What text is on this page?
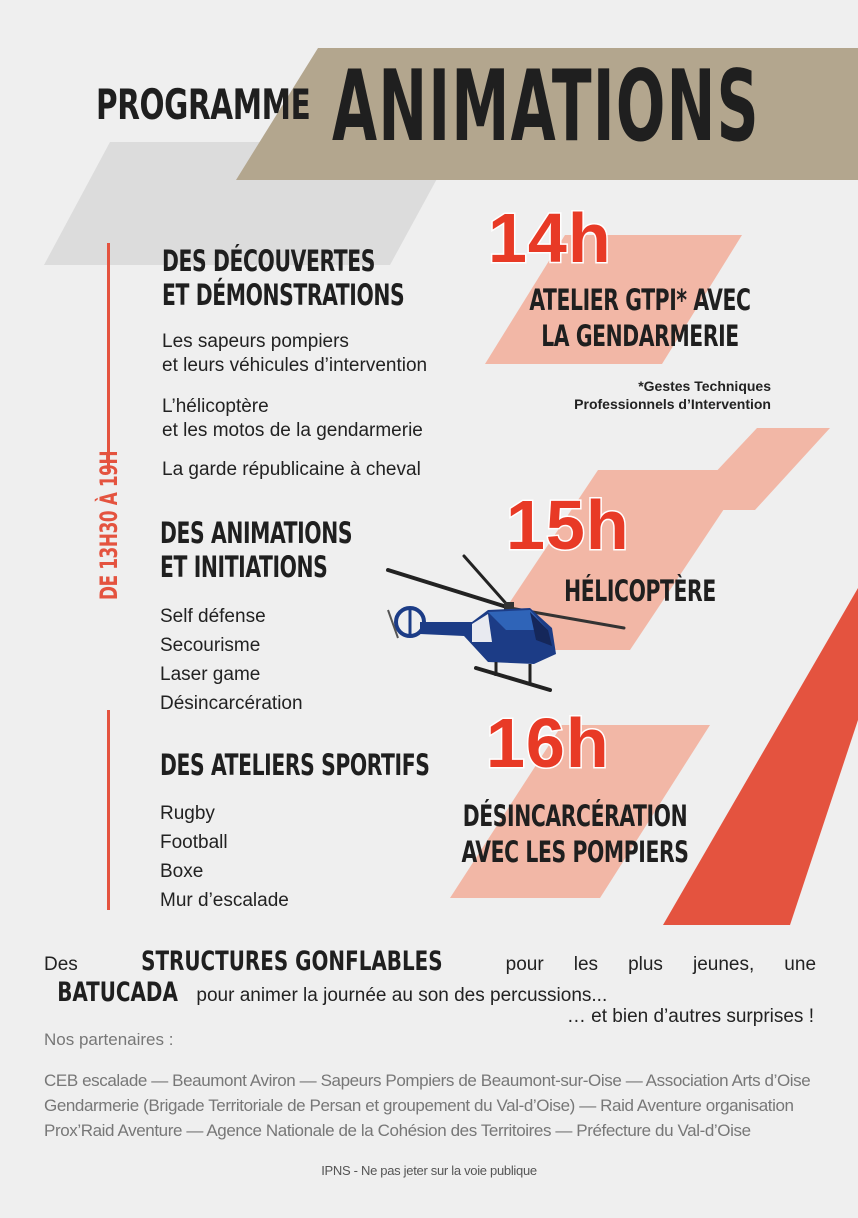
PROGRAMME ANIMATIONS
DE 13H30 À 19H
DES DÉCOUVERTES
ET DÉMONSTRATIONS
Les sapeurs pompiers
et leurs véhicules d’intervention
L’hélicoptère
et les motos de la gendarmerie
La garde républicaine à cheval
DES ANIMATIONS
ET INITIATIONS
Self défense
Secourisme
Laser game
Désincarcération
DES ATELIERS SPORTIFS
Rugby
Football
Boxe
Mur d’escalade
14h
ATELIER GTPI* AVEC
LA GENDARMERIE
*Gestes Techniques
Professionnels d’Intervention
15h
HÉLICOPTÈRE
16h
DÉSINCARCÉRATION
AVEC LES POMPIERS
Des STRUCTURES GONFLABLES	pour les plus jeunes, une BATUCADA pour animer la journée au son des percussions...
… et bien d’autres surprises !
Nos partenaires :
CEB escalade — Beaumont Aviron — Sapeurs Pompiers de Beaumont-sur-Oise — Association Arts d’Oise
Gendarmerie (Brigade Territoriale de Persan et groupement du Val-d’Oise) — Raid Aventure organisation
Prox’Raid Aventure — Agence Nationale de la Cohésion des Territoires — Préfecture du Val-d’Oise
IPNS - Ne pas jeter sur la voie publique
